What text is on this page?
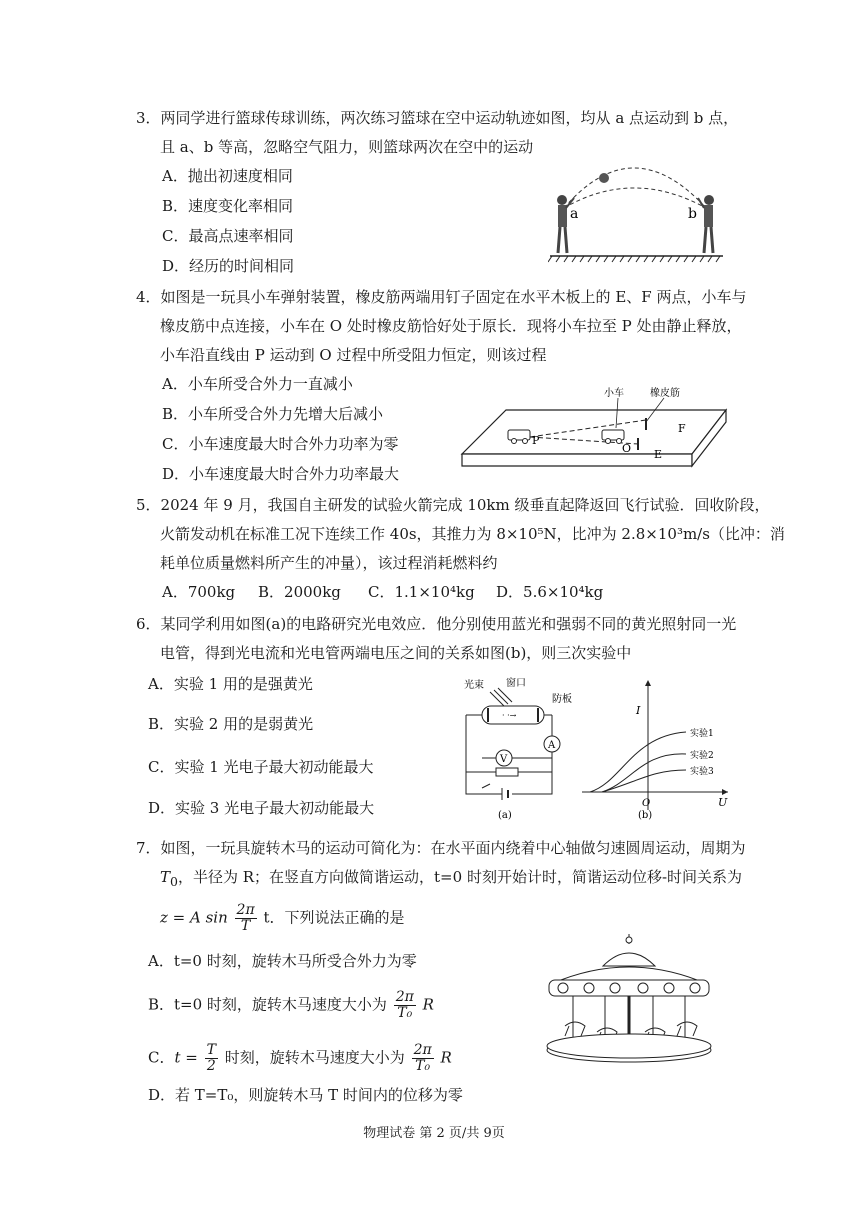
3．两同学进行篮球传球训练，两次练习篮球在空中运动轨迹如图，均从 a 点运动到 b 点，
且 a、b 等高，忽略空气阻力，则篮球两次在空中的运动
A．抛出初速度相同
B．速度变化率相同
C．最高点速率相同
D．经历的时间相同
a	b
4．如图是一玩具小车弹射装置，橡皮筋两端用钉子固定在水平木板上的 E、F 两点，小车与
橡皮筋中点连接，小车在 O 处时橡皮筋恰好处于原长．现将小车拉至 P 处由静止释放，
小车沿直线由 P 运动到 O 过程中所受阻力恒定，则该过程
A．小车所受合外力一直减小
B．小车所受合外力先增大后减小
C．小车速度最大时合外力功率为零
D．小车速度最大时合外力功率最大
P
O E
F
小车	橡皮筋
5．2024 年 9 月，我国自主研发的试验火箭完成 10km 级垂直起降返回飞行试验．回收阶段，
火箭发动机在标准工况下连续工作 40s，其推力为 8×10⁵N，比冲为 2.8×10³m/s（比冲：消
耗单位质量燃料所产生的冲量），该过程消耗燃料约
A．700kg B．2000kg C．1.1×10⁴kg D．5.6×10⁴kg
6．某同学利用如图(a)的电路研究光电效应．他分别使用蓝光和强弱不同的黄光照射同一光
电管，得到光电流和光电管两端电压之间的关系如图(b)，则三次实验中
A．实验 1 用的是强黄光
B．实验 2 用的是弱黄光
C．实验 1 光电子最大初动能最大
D．实验 3 光电子最大初动能最大
光束 窗口
防板
· ·→
A
V
(a)
I
U
O
实验1
实验2
实验3
(b)
7．如图，一玩具旋转木马的运动可简化为：在水平面内绕着中心轴做匀速圆周运动，周期为
$T_0$，半径为 R；在竖直方向做简谐运动，t=0 时刻开始计时，简谐运动位移-时间关系为
z = A $\sin \frac{2\pi}{T}$ t．下列说法正确的是
A．t=0 时刻，旋转木马所受合外力为零
B．t=0 时刻，旋转木马速度大小为 $\frac{2\pi}{\text{T₀}}$ R
C．$t = \frac{T}{2}$ 时刻，旋转木马速度大小为 $\frac{2\pi}{\text{T₀}}$ R
D．若 T=T₀，则旋转木马 T 时间内的位移为零
物理试卷 第 2 页/共 9页
